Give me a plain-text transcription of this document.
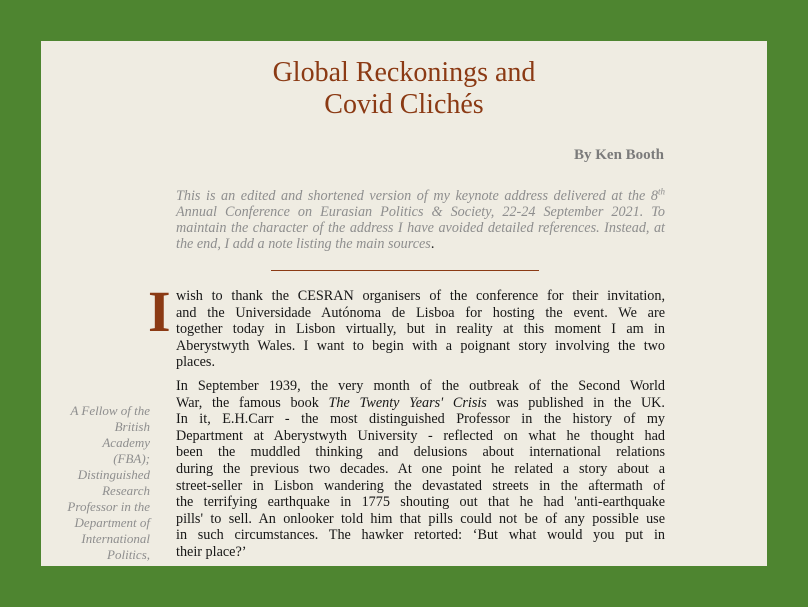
Global Reckonings and
Covid Clichés
By Ken Booth
This is an edited and shortened version of my keynote address delivered at the 8th Annual Conference on Eurasian Politics & Society, 22-24 September 2021. To maintain the character of the address I have avoided detailed references. Instead, at the end, I add a note listing the main sources.
I wish to thank the CESRAN organisers of the conference for their invitation,
and the Universidade Autónoma de Lisboa for hosting the event. We are
together today in Lisbon virtually, but in reality at this moment I am in
Aberystwyth Wales. I want to begin with a poignant story involving the two
places.
In September 1939, the very month of the outbreak of the Second World
War, the famous book The Twenty Years' Crisis was published in the UK.
In it, E.H.Carr - the most distinguished Professor in the history of my
Department at Aberystwyth University - reflected on what he thought had
been the muddled thinking and delusions about international relations
during the previous two decades. At one point he related a story about a
street-seller in Lisbon wandering the devastated streets in the aftermath of
the terrifying earthquake in 1775 shouting out that he had 'anti-earthquake
pills' to sell. An onlooker told him that pills could not be of any possible use
in such circumstances. The hawker retorted: ‘But what would you put in
their place?’
A Fellow of the
British
Academy
(FBA);
Distinguished
Research
Professor in the
Department of
International
Politics,
